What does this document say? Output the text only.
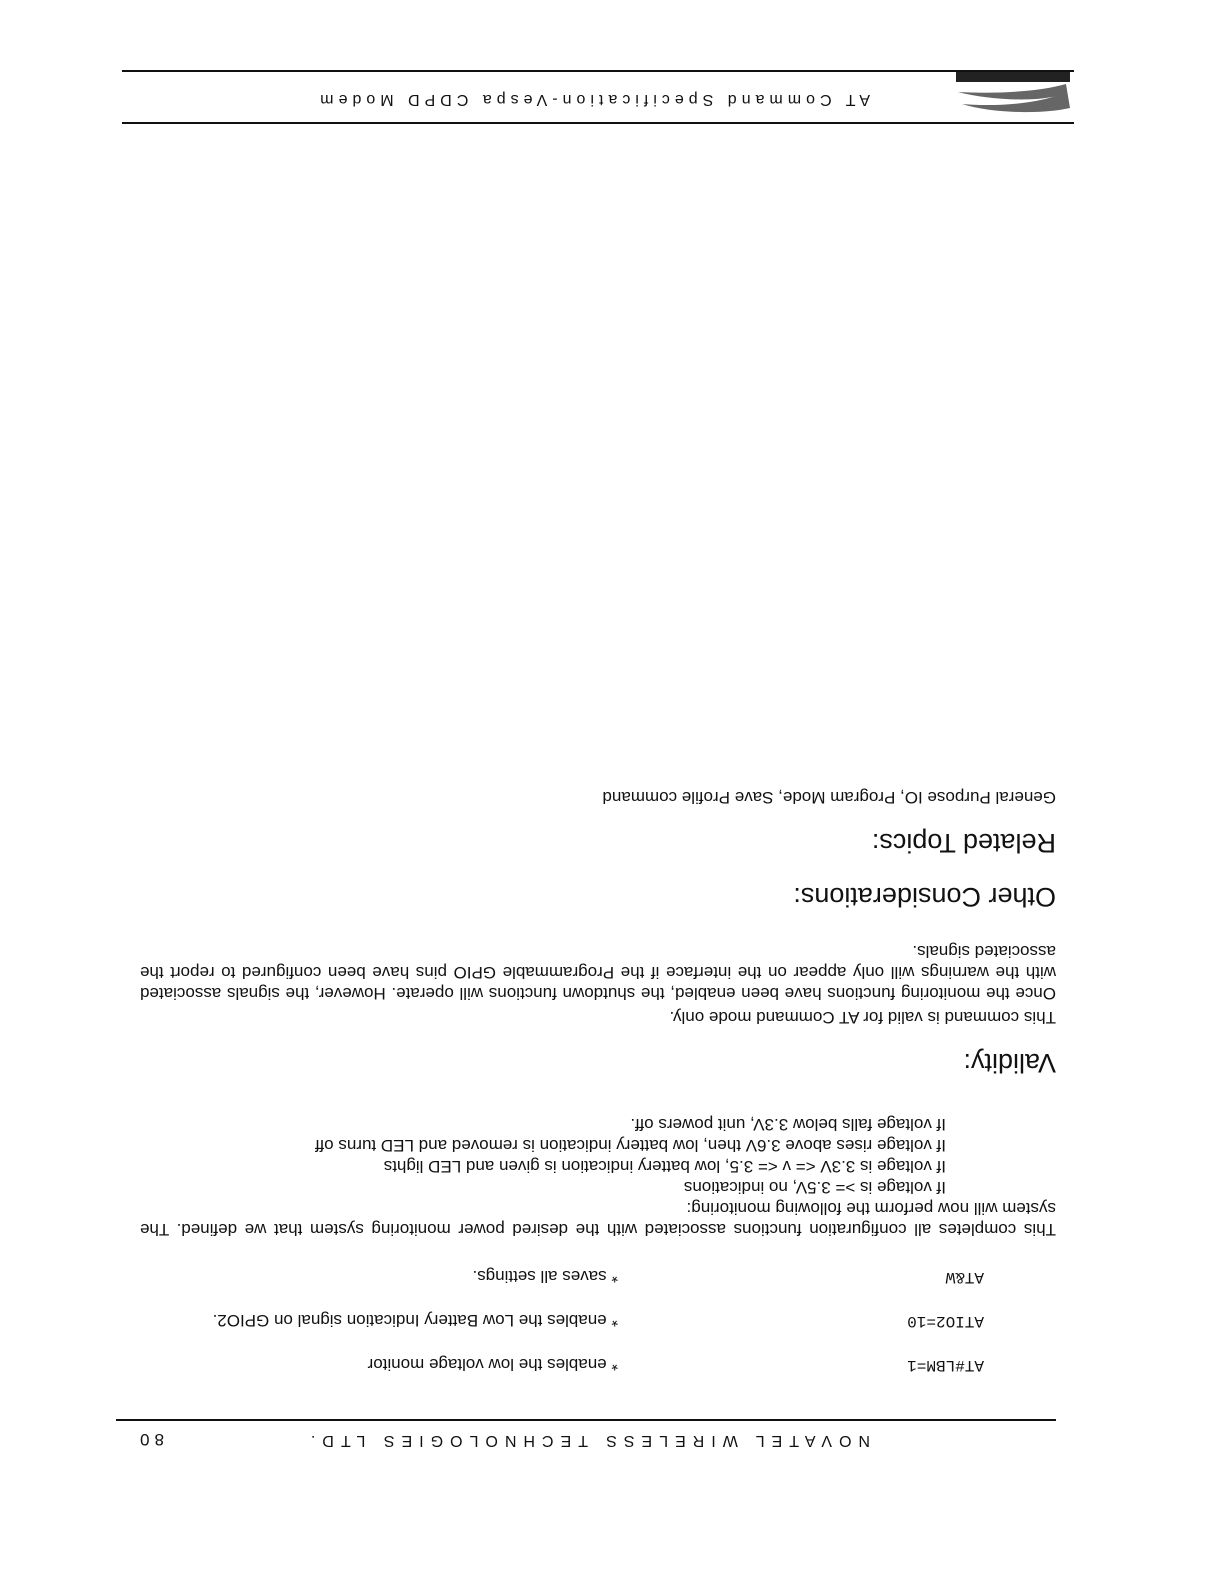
80	NOVATEL WIRELESS TECHNOLOGIES LTD.
AT#LBM=1
* enables the low voltage monitor
ATIO2=10
* enables the Low Battery Indication signal on GPIO2.
AT&W
* saves all settings.

This completes all configuration functions associated with the desired power monitoring system that we defined. The system will now perform the following monitoring:

If voltage is >= 3.5V, no indications
If voltage is 3.3V <= v <= 3.5, low battery indication is given and LED lights
If voltage rises above 3.6V then, low battery indication is removed and LED turns off
If voltage falls below 3.3V, unit powers off.
Validity:
This command is valid for AT Command mode only.
Once the monitoring functions have been enabled, the shutdown functions will operate. However, the signals associated with the warnings will only appear on the interface if the Programmable GPIO pins have been configured to report the associated signals.
Other Considerations:
Related Topics:
General Purpose IO, Program Mode, Save Profile command
AT Command Specification-Vespa CDPD Modem
